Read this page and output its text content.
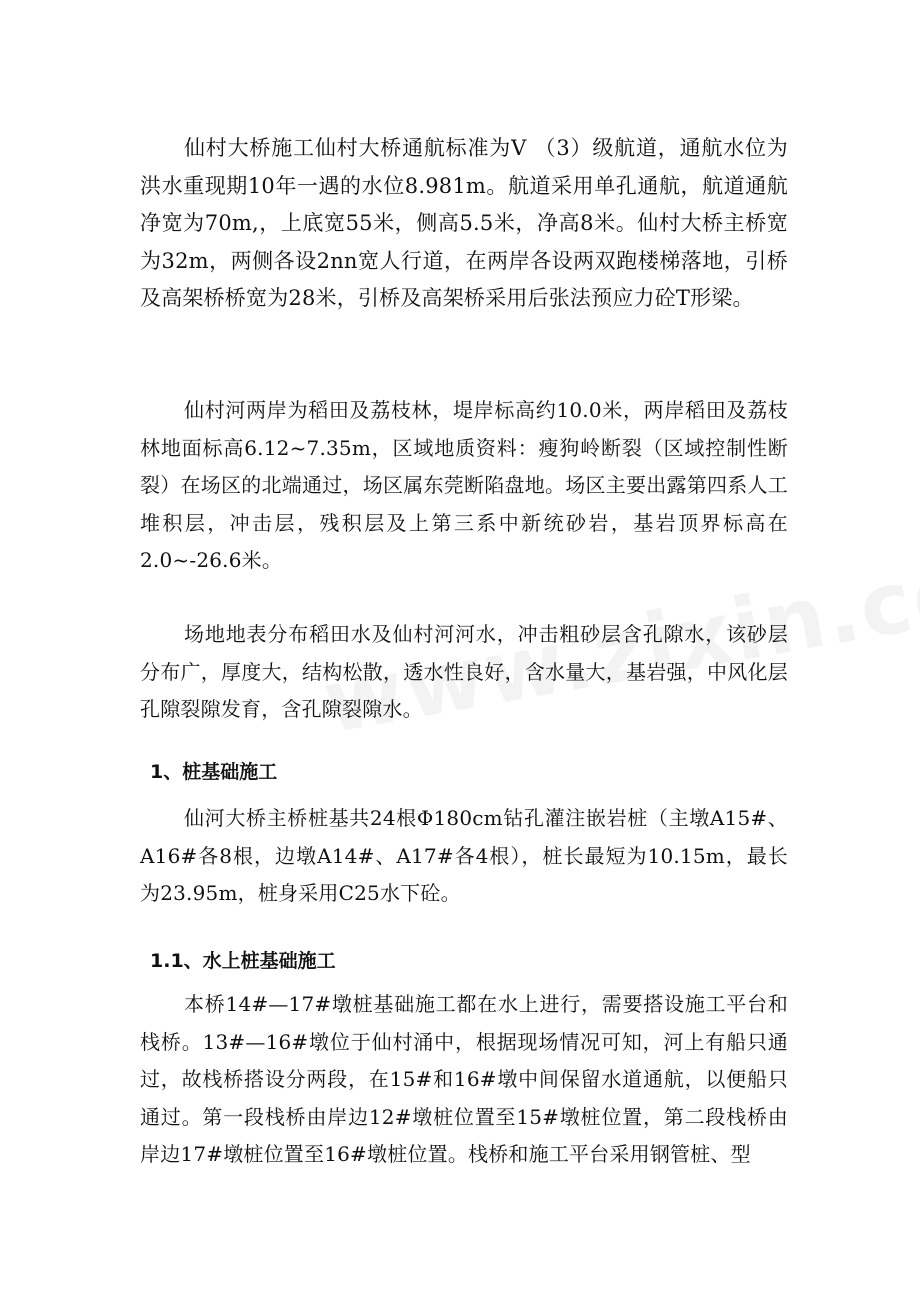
仙村大桥施工仙村大桥通航标准为Ⅴ （3）级航道，通航水位为洪水重现期10年一遇的水位8.981m。航道采用单孔通航，航道通航净宽为70m,，上底宽55米，侧高5.5米，净高8米。仙村大桥主桥宽为32m，两侧各设2nn宽人行道，在两岸各设两双跑楼梯落地，引桥及高架桥桥宽为28米，引桥及高架桥采用后张法预应力砼T形梁。

仙村河两岸为稻田及荔枝林，堤岸标高约10.0米，两岸稻田及荔枝林地面标高6.12~7.35m，区域地质资料：瘦狗岭断裂（区域控制性断裂）在场区的北端通过，场区属东莞断陷盘地。场区主要出露第四系人工堆积层，冲击层，残积层及上第三系中新统砂岩，基岩顶界标高在2.0~-26.6米。

场地地表分布稻田水及仙村河河水，冲击粗砂层含孔隙水，该砂层分布广，厚度大，结构松散，透水性良好，含水量大，基岩强，中风化层孔隙裂隙发育，含孔隙裂隙水。

1、桩基础施工

仙河大桥主桥桩基共24根Φ180cm钻孔灌注嵌岩桩（主墩A15#、A16#各8根，边墩A14#、A17#各4根），桩长最短为10.15m，最长为23.95m，桩身采用C25水下砼。

1.1、水上桩基础施工

本桥14#—17#墩桩基础施工都在水上进行，需要搭设施工平台和栈桥。13#—16#墩位于仙村涌中，根据现场情况可知，河上有船只通过，故栈桥搭设分两段，在15#和16#墩中间保留水道通航，以便船只通过。第一段栈桥由岸边12#墩桩位置至15#墩桩位置，第二段栈桥由岸边17#墩桩位置至16#墩桩位置。栈桥和施工平台采用钢管桩、型
